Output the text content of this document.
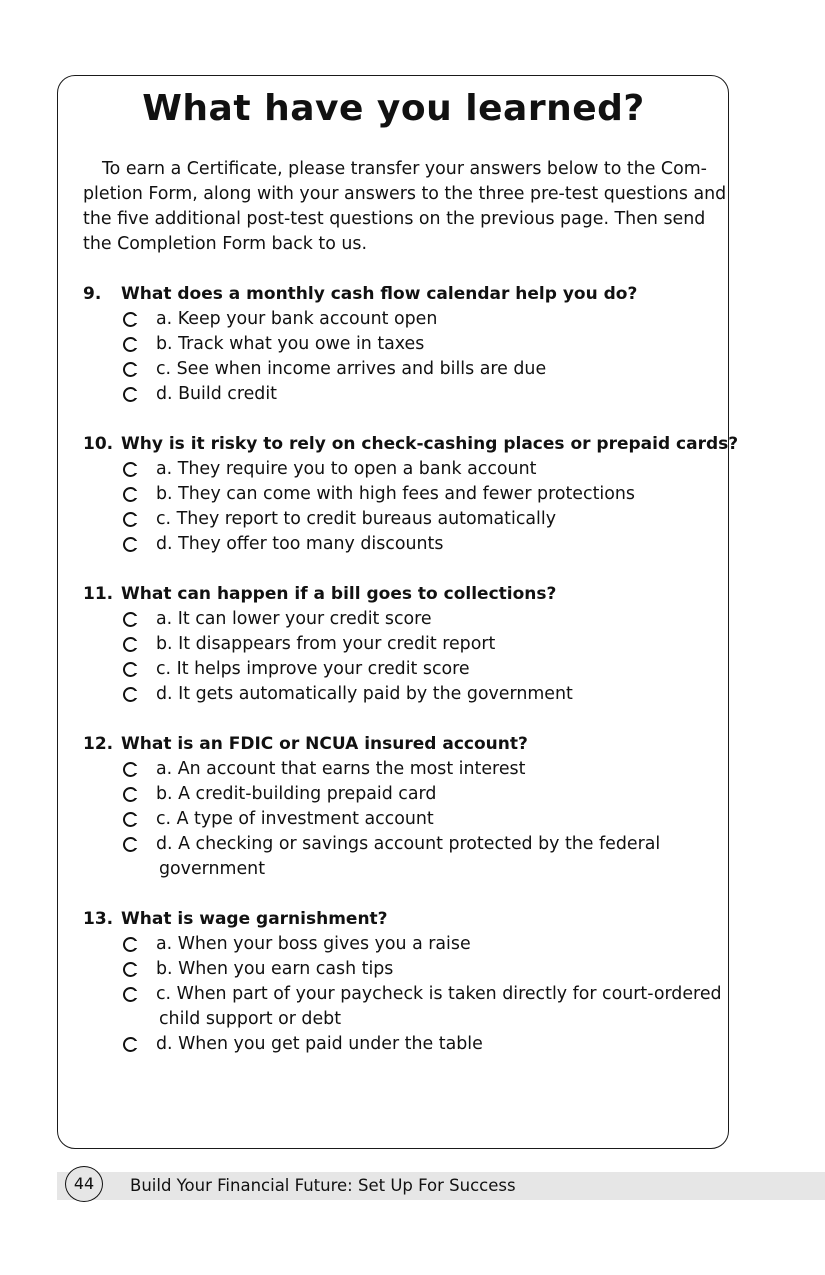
What have you learned?

To earn a Certificate, please transfer your answers below to the Com-
pletion Form, along with your answers to the three pre-test questions and
the five additional post-test questions on the previous page. Then send
the Completion Form back to us.

9.	What does a monthly cash flow calendar help you do?
a. Keep your bank account open
b. Track what you owe in taxes
c. See when income arrives and bills are due
d. Build credit
10. Why is it risky to rely on check-cashing places or prepaid cards?
a. They require you to open a bank account
b. They can come with high fees and fewer protections
c. They report to credit bureaus automatically
d. They offer too many discounts
11. What can happen if a bill goes to collections?
a. It can lower your credit score
b. It disappears from your credit report
c. It helps improve your credit score
d. It gets automatically paid by the government
12. What is an FDIC or NCUA insured account?
a. An account that earns the most interest
b. A credit-building prepaid card
c. A type of investment account
d. A checking or savings account protected by the federal
government
13. What is wage garnishment?
a. When your boss gives you a raise
b. When you earn cash tips
c. When part of your paycheck is taken directly for court-ordered
child support or debt
d. When you get paid under the table
44	Build Your Financial Future: Set Up For Success
